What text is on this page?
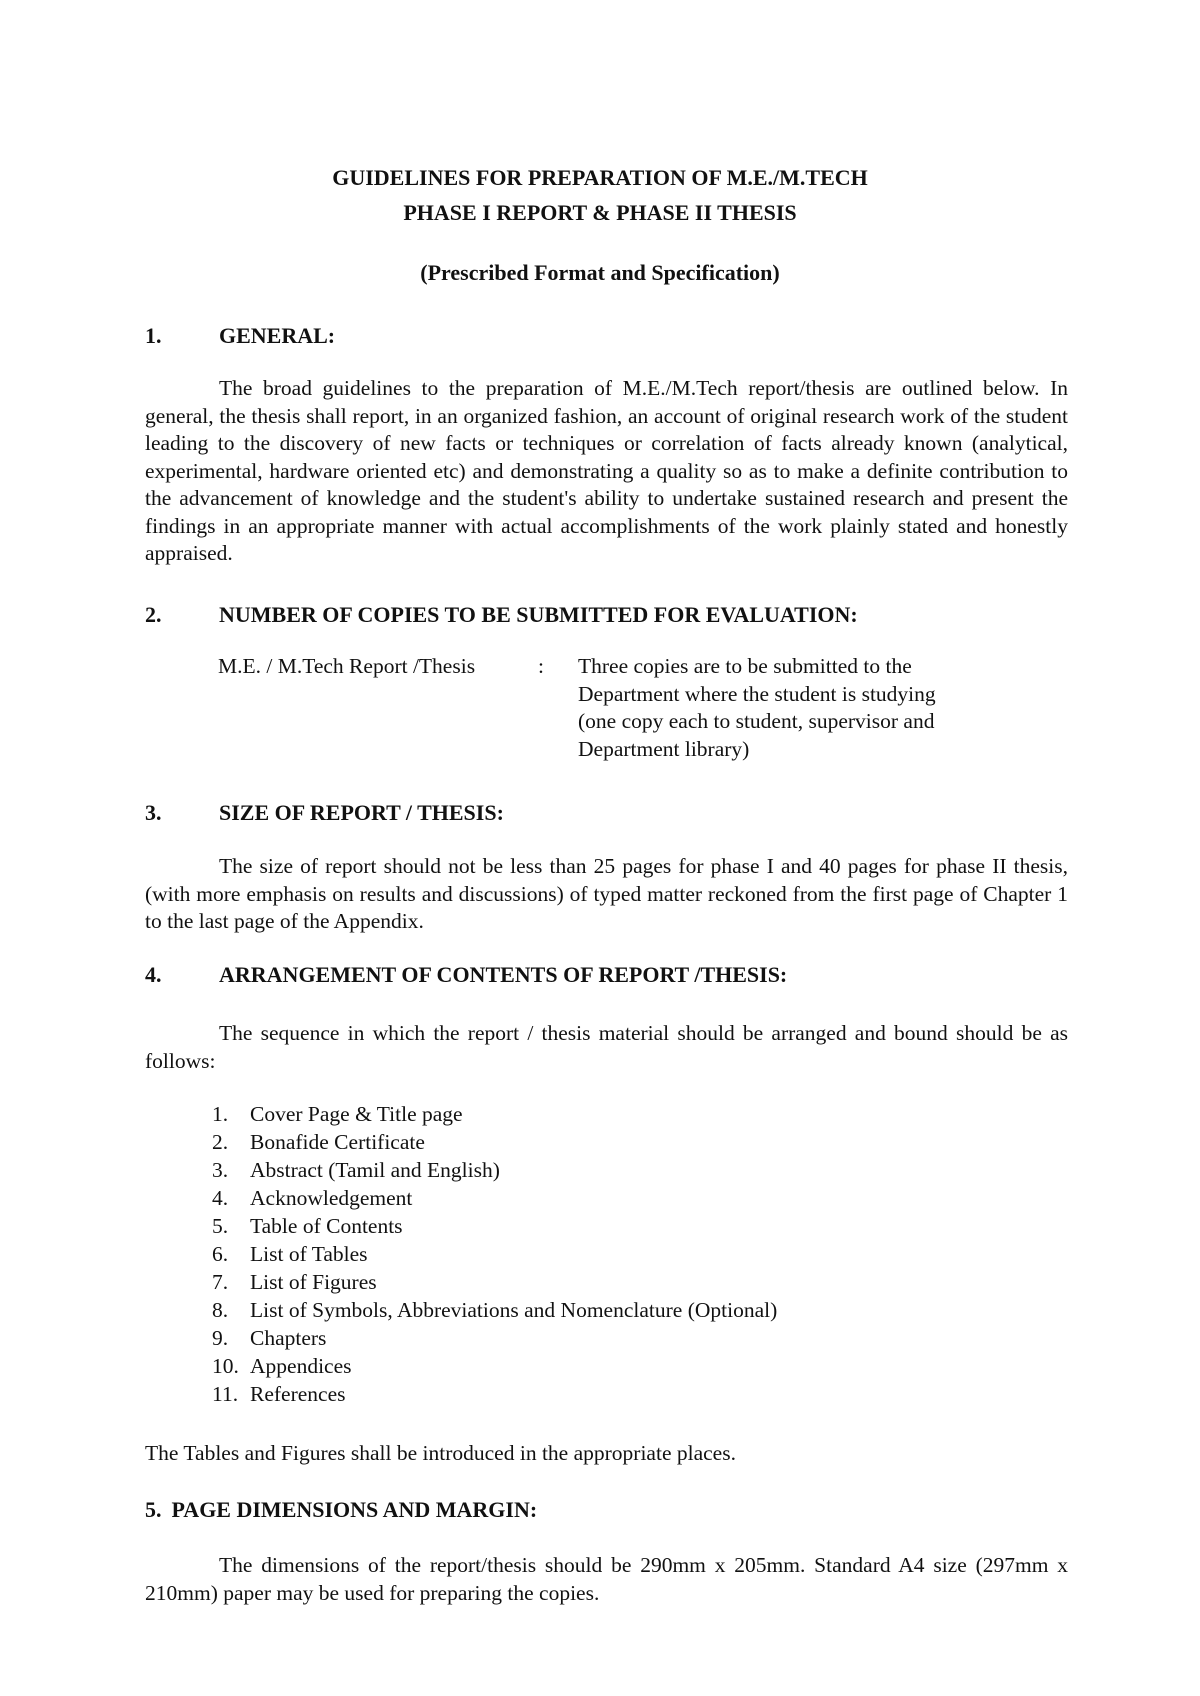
GUIDELINES FOR PREPARATION OF M.E./M.TECH
PHASE I REPORT & PHASE II THESIS
(Prescribed Format and Specification)
1.	GENERAL:
The broad guidelines to the preparation of M.E./M.Tech report/thesis are outlined below. In general, the thesis shall report, in an organized fashion, an account of original research work of the student leading to the discovery of new facts or techniques or correlation of facts already known (analytical, experimental, hardware oriented etc) and demonstrating a quality so as to make a definite contribution to the advancement of knowledge and the student's ability to undertake sustained research and present the findings in an appropriate manner with actual accomplishments of the work plainly stated and honestly appraised.
2.	NUMBER OF COPIES TO BE SUBMITTED FOR EVALUATION:
M.E. / M.Tech Report /Thesis	: Three copies are to be submitted to the
Department where the student is studying
(one copy each to student, supervisor and
Department library)
3.	SIZE OF REPORT / THESIS:
The size of report should not be less than 25 pages for phase I and 40 pages for phase II thesis, (with more emphasis on results and discussions) of typed matter reckoned from the first page of Chapter 1 to the last page of the Appendix.
4.	ARRANGEMENT OF CONTENTS OF REPORT /THESIS:
The sequence in which the report / thesis material should be arranged and bound should be as follows:
1. Cover Page & Title page
2. Bonafide Certificate
3. Abstract (Tamil and English)
4. Acknowledgement
5. Table of Contents
6. List of Tables
7. List of Figures
8. List of Symbols, Abbreviations and Nomenclature (Optional)
9. Chapters
10. Appendices
11. References
The Tables and Figures shall be introduced in the appropriate places.
5. PAGE DIMENSIONS AND MARGIN:
The dimensions of the report/thesis should be 290mm x 205mm. Standard A4 size (297mm x 210mm) paper may be used for preparing the copies.
